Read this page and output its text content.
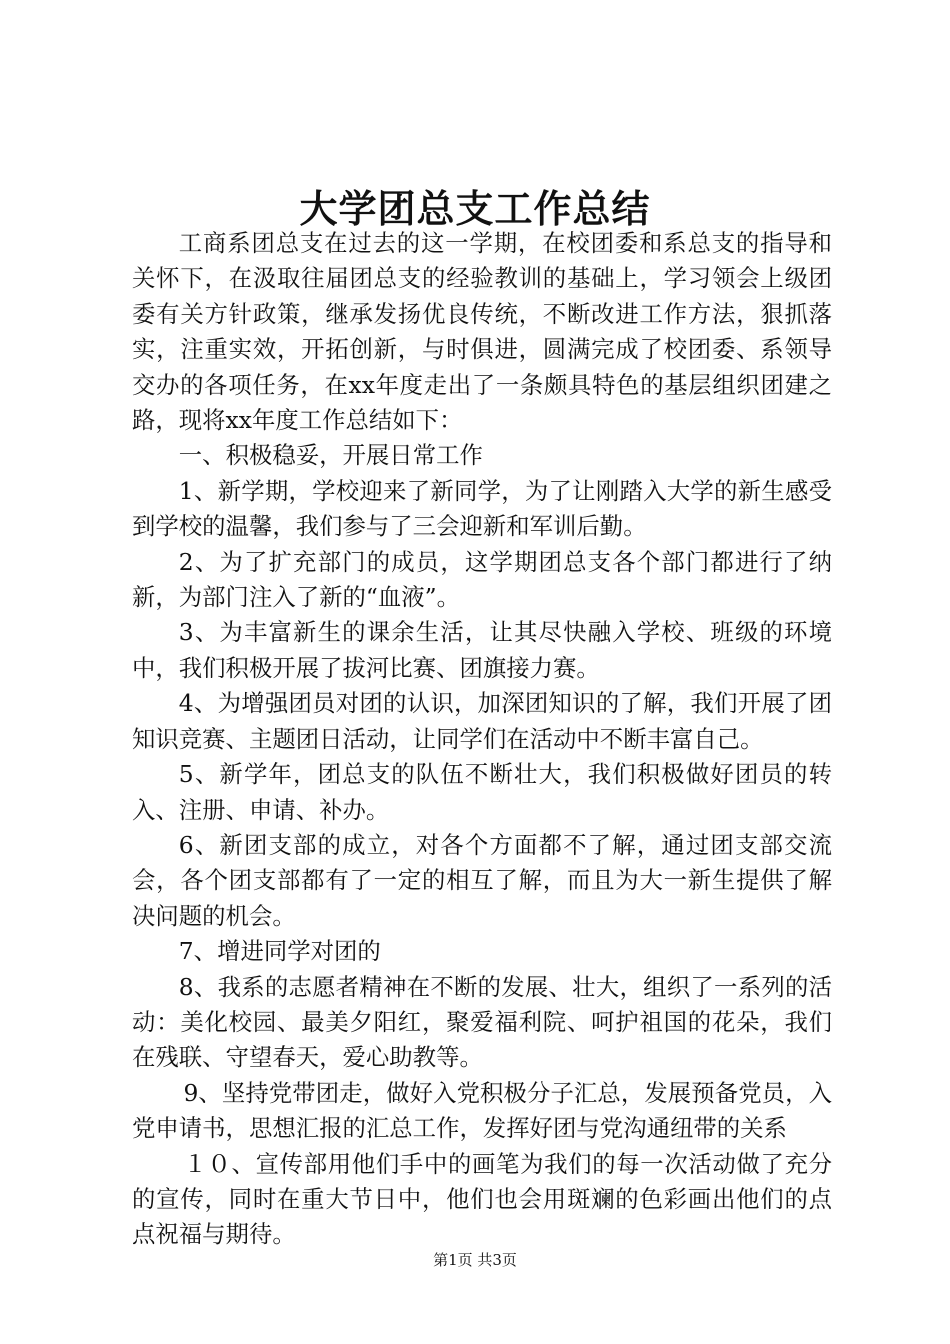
大学团总支工作总结

工商系团总支在过去的这一学期，在校团委和系总支的指导和关怀下，在汲取往届团总支的经验教训的基础上，学习领会上级团委有关方针政策，继承发扬优良传统，不断改进工作方法，狠抓落实，注重实效，开拓创新，与时俱进，圆满完成了校团委、系领导交办的各项任务，在xx年度走出了一条颇具特色的基层组织团建之路，现将xx年度工作总结如下：

一、积极稳妥，开展日常工作

1、新学期，学校迎来了新同学，为了让刚踏入大学的新生感受到学校的温馨，我们参与了三会迎新和军训后勤。

2、为了扩充部门的成员，这学期团总支各个部门都进行了纳新，为部门注入了新的“血液”。

3、为丰富新生的课余生活，让其尽快融入学校、班级的环境中，我们积极开展了拔河比赛、团旗接力赛。

4、为增强团员对团的认识，加深团知识的了解，我们开展了团知识竞赛、主题团日活动，让同学们在活动中不断丰富自己。

5、新学年，团总支的队伍不断壮大，我们积极做好团员的转入、注册、申请、补办。

6、新团支部的成立，对各个方面都不了解，通过团支部交流会，各个团支部都有了一定的相互了解，而且为大一新生提供了解决问题的机会。

7、增进同学对团的

8、我系的志愿者精神在不断的发展、壮大，组织了一系列的活动：美化校园、最美夕阳红，聚爱福利院、呵护祖国的花朵，我们在残联、守望春天，爱心助教等。

9、坚持党带团走，做好入党积极分子汇总，发展预备党员，入党申请书，思想汇报的汇总工作，发挥好团与党沟通纽带的关系

１０、宣传部用他们手中的画笔为我们的每一次活动做了充分的宣传，同时在重大节日中，他们也会用斑斓的色彩画出他们的点点祝福与期待。

第1页 共3页
